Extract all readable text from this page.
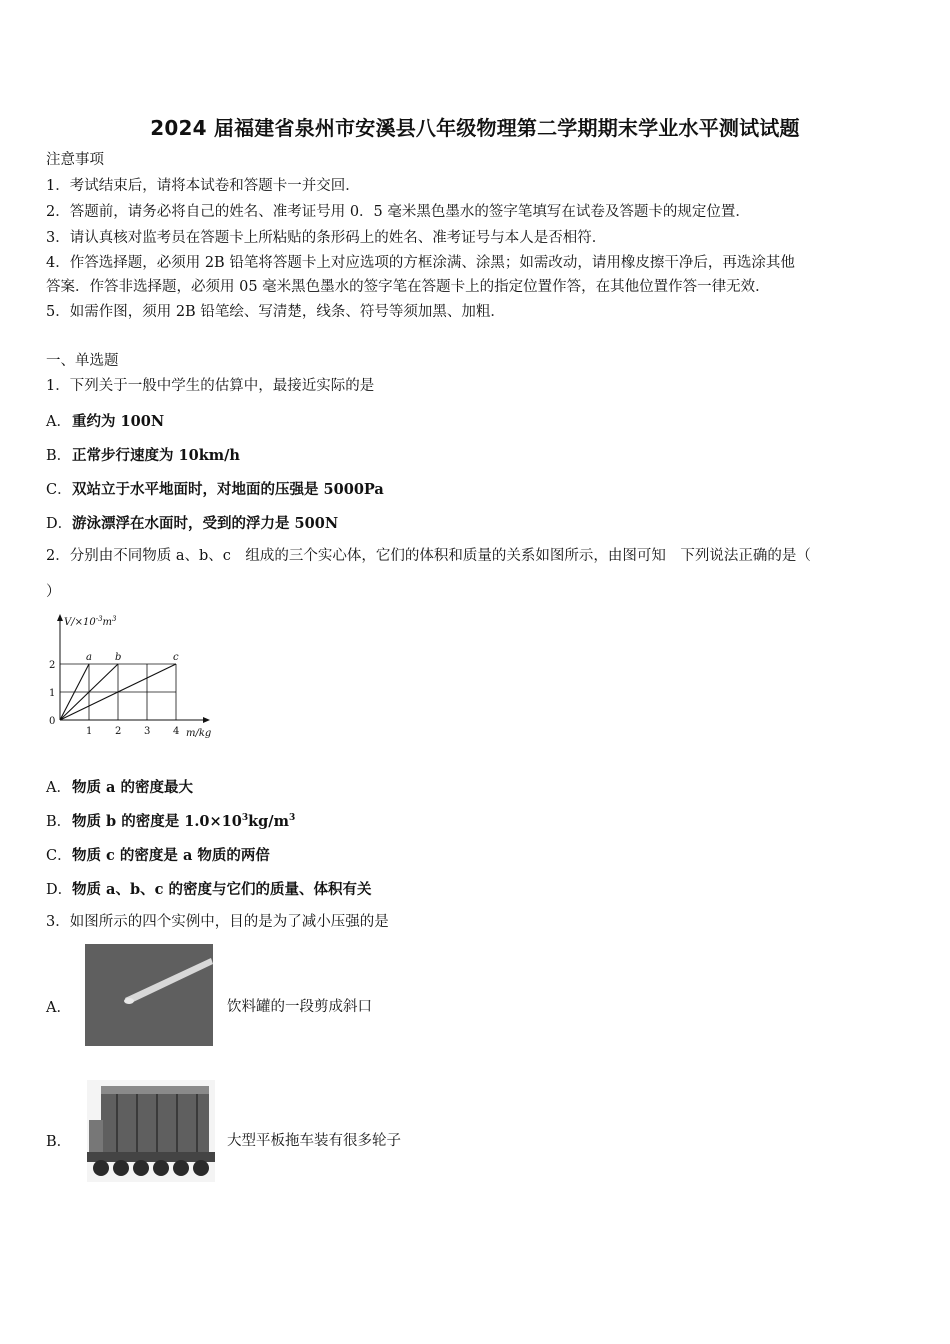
2024 届福建省泉州市安溪县八年级物理第二学期期末学业水平测试试题
注意事项
1．考试结束后，请将本试卷和答题卡一并交回．
2．答题前，请务必将自己的姓名、准考证号用 0．5 毫米黑色墨水的签字笔填写在试卷及答题卡的规定位置．
3．请认真核对监考员在答题卡上所粘贴的条形码上的姓名、准考证号与本人是否相符．
4．作答选择题，必须用 2B 铅笔将答题卡上对应选项的方框涂满、涂黑；如需改动，请用橡皮擦干净后，再选涂其他
答案．作答非选择题，必须用 05 毫米黑色墨水的签字笔在答题卡上的指定位置作答，在其他位置作答一律无效．
5．如需作图，须用 2B 铅笔绘、写清楚，线条、符号等须加黑、加粗．
一、单选题
1．下列关于一般中学生的估算中，最接近实际的是
A．重约为 100N
B．正常步行速度为 10km/h
C．双站立于水平地面时，对地面的压强是 5000Pa
D．游泳漂浮在水面时，受到的浮力是 500N
2．分别由不同物质 a、b、c　组成的三个实心体，它们的体积和质量的关系如图所示，由图可知　下列说法正确的是（
）
1 2 3 4
1
2
0
$V/\times 10^{-3}m^3$
m/kg
a b	c
A．物质 a 的密度最大
B．物质 b 的密度是 $1.0\times 10^3kg/m^3$
C．物质 c 的密度是 a 物质的两倍
D．物质 a、b、c 的密度与它们的质量、体积有关
3．如图所示的四个实例中，目的是为了减小压强的是
A．	饮料罐的一段剪成斜口
B．	大型平板拖车装有很多轮子
